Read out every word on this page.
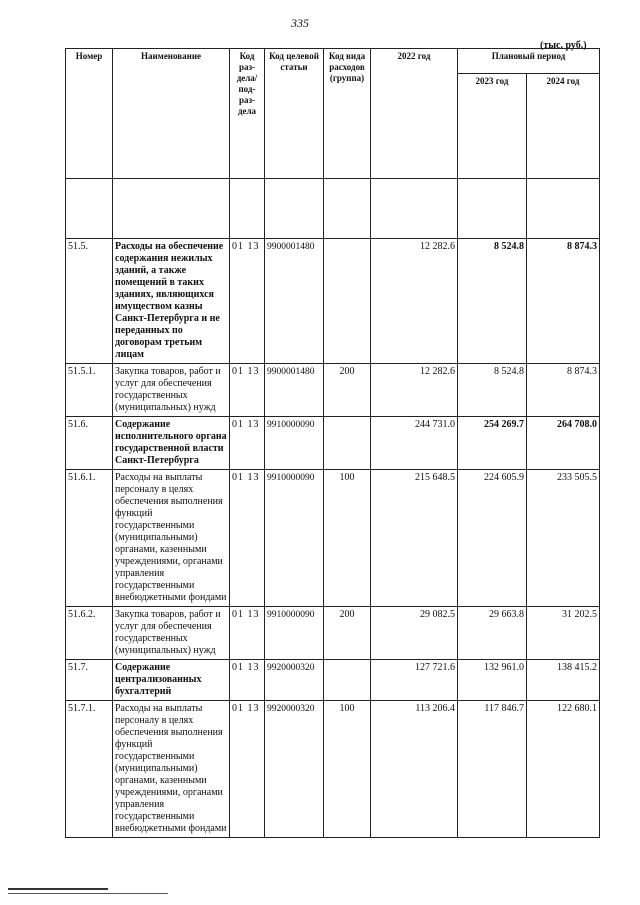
335
(тыс. руб.)
Номер	Наименование	Код раз-дела/ под-раз-дела	Код целевой статьи	Код вида расходов (группа)	2022 год	Плановый период	
						2023 год	2024 год

51.5.	Расходы на обеспечение содержания нежилых зданий, а также помещений в таких зданиях, являющихся имуществом казны Санкт-Петербурга и не переданных по договорам третьим лицам	01 13	9900001480		12 282.6	8 524.8	8 874.3
51.5.1.	Закупка товаров, работ и услуг для обеспечения государственных (муниципальных) нужд	01 13	9900001480	200	12 282.6	8 524.8	8 874.3
51.6.	Содержание исполнительного органа государственной власти Санкт-Петербурга	01 13	9910000090		244 731.0	254 269.7	264 708.0
51.6.1.	Расходы на выплаты персоналу в целях обеспечения выполнения функций государственными (муниципальными) органами, казенными учреждениями, органами управления государственными внебюджетными фондами	01 13	9910000090	100	215 648.5	224 605.9	233 505.5
51.6.2.	Закупка товаров, работ и услуг для обеспечения государственных (муниципальных) нужд	01 13	9910000090	200	29 082.5	29 663.8	31 202.5
51.7.	Содержание централизованных бухгалтерий	01 13	9920000320		127 721.6	132 961.0	138 415.2
51.7.1.	Расходы на выплаты персоналу в целях обеспечения выполнения функций государственными (муниципальными) органами, казенными учреждениями, органами управления государственными внебюджетными фондами	01 13	9920000320	100	113 206.4	117 846.7	122 680.1
